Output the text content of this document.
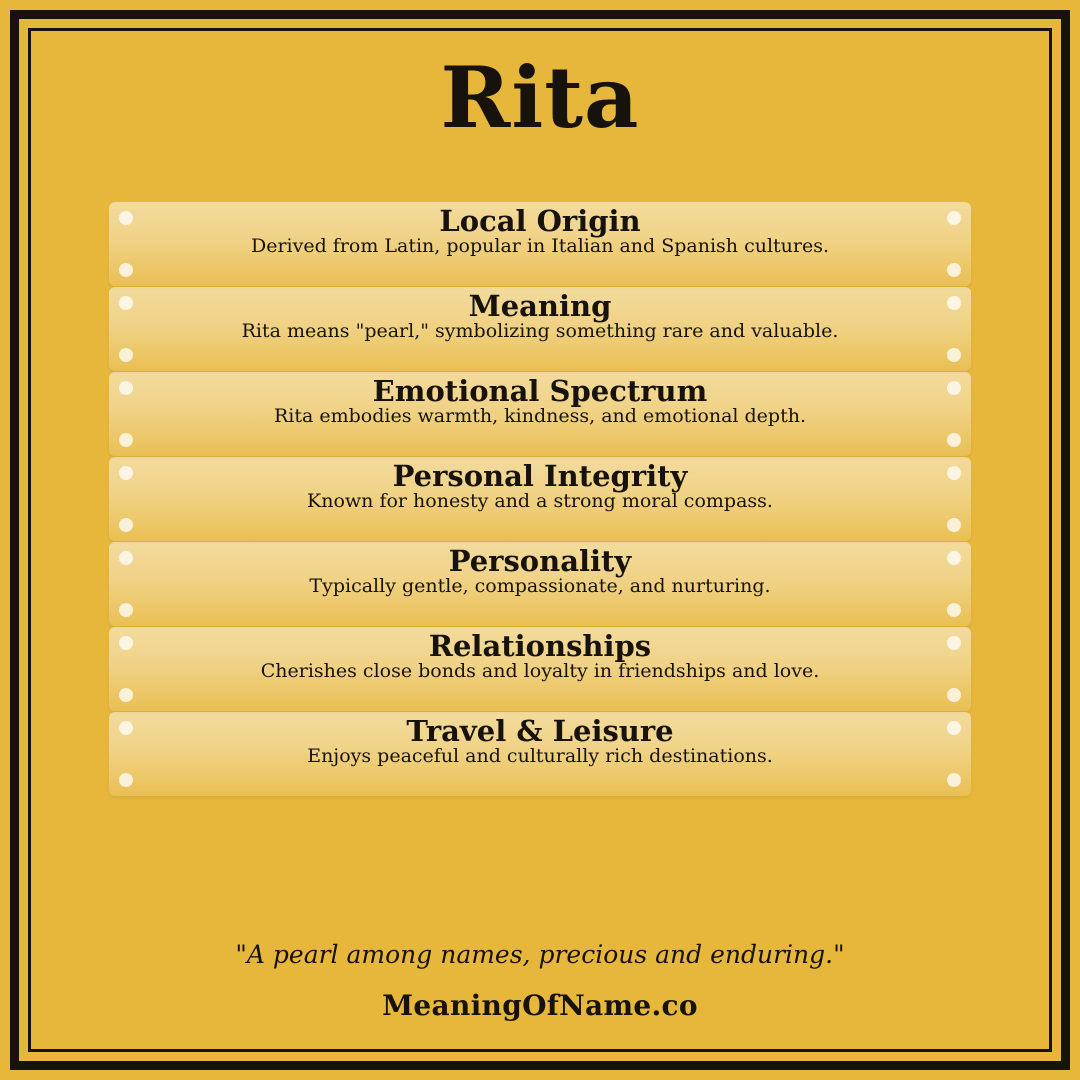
Rita
Local Origin
Derived from Latin, popular in Italian and Spanish cultures.
Meaning
Rita means "pearl," symbolizing something rare and valuable.
Emotional Spectrum
Rita embodies warmth, kindness, and emotional depth.
Personal Integrity
Known for honesty and a strong moral compass.
Personality
Typically gentle, compassionate, and nurturing.
Relationships
Cherishes close bonds and loyalty in friendships and love.
Travel & Leisure
Enjoys peaceful and culturally rich destinations.
"A pearl among names, precious and enduring."
MeaningOfName.co
